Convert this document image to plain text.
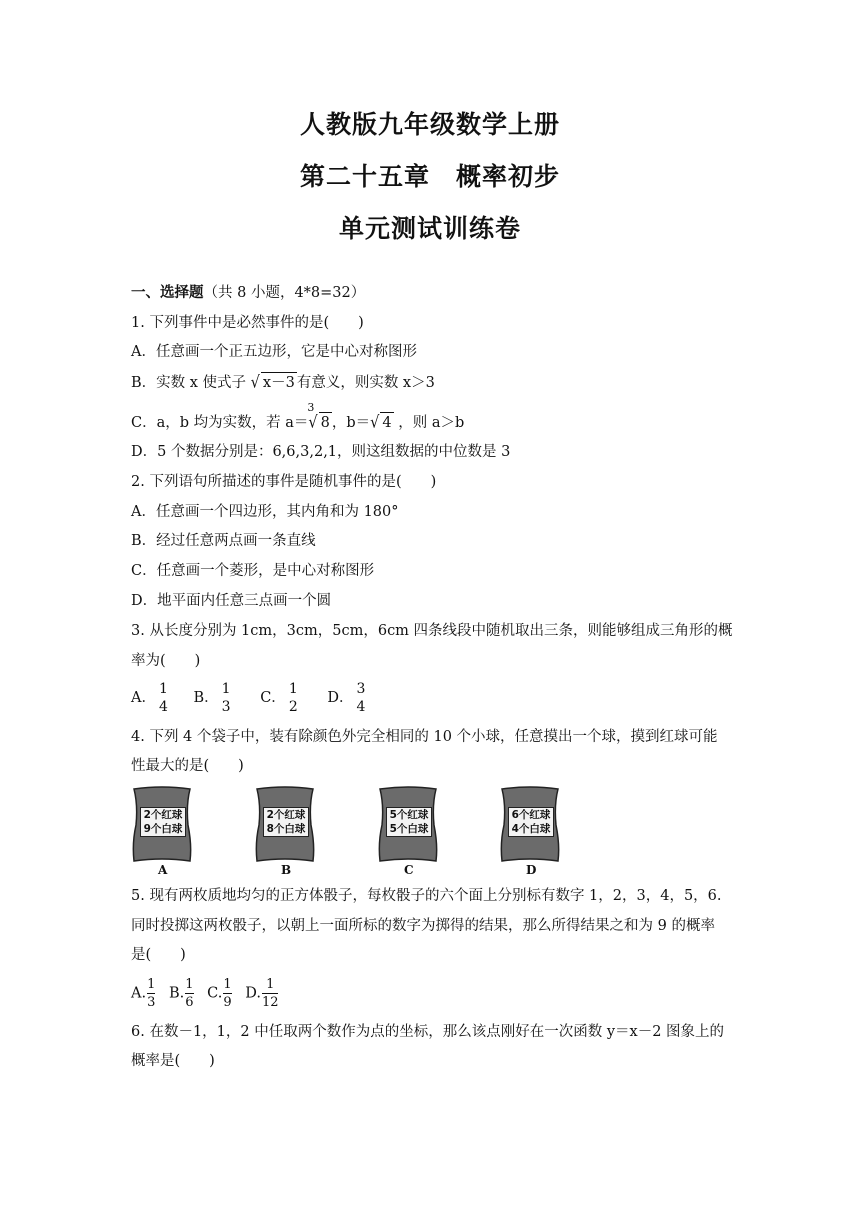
人教版九年级数学上册
第二十五章　概率初步
单元测试训练卷
一、选择题（共 8 小题，4*8=32）
1. 下列事件中是必然事件的是(　　)
A．任意画一个正五边形，它是中心对称图形
B．实数 x 使式子 √ x－3 有意义，则实数 x＞3
C．a，b 均为实数，若 a＝
3
√ 8 ，b＝√ 4 ，则 a＞b
D．5 个数据分别是：6,6,3,2,1，则这组数据的中位数是 3
2. 下列语句所描述的事件是随机事件的是(　　)
A．任意画一个四边形，其内角和为 180°
B．经过任意两点画一条直线
C．任意画一个菱形，是中心对称图形
D．地平面内任意三点画一个圆
3. 从长度分别为 1cm，3cm，5cm，6cm 四条线段中随机取出三条，则能够组成三角形的概
率为(　　)
A．
1
4
B．
1
3
C．
1
2
D．
3
4
4. 下列 4 个袋子中，装有除颜色外完全相同的 10 个小球，任意摸出一个球，摸到红球可能
性最大的是(　　)
2个红球
9个白球
A
2个红球
8个白球
B
5个红球
5个白球
C
6个红球
4个白球
D
5. 现有两枚质地均匀的正方体骰子，每枚骰子的六个面上分别标有数字 1，2，3，4，5，6.
同时投掷这两枚骰子，以朝上一面所标的数字为掷得的结果，那么所得结果之和为 9 的概率
是(　　)
A. $\frac{1}{3} B$. $\frac{1}{6} C$. $\frac{1}{9} D$. $\frac{1}{12}$
6. 在数－1，1，2 中任取两个数作为点的坐标，那么该点刚好在一次函数 y＝x－2 图象上的
概率是(　　)
